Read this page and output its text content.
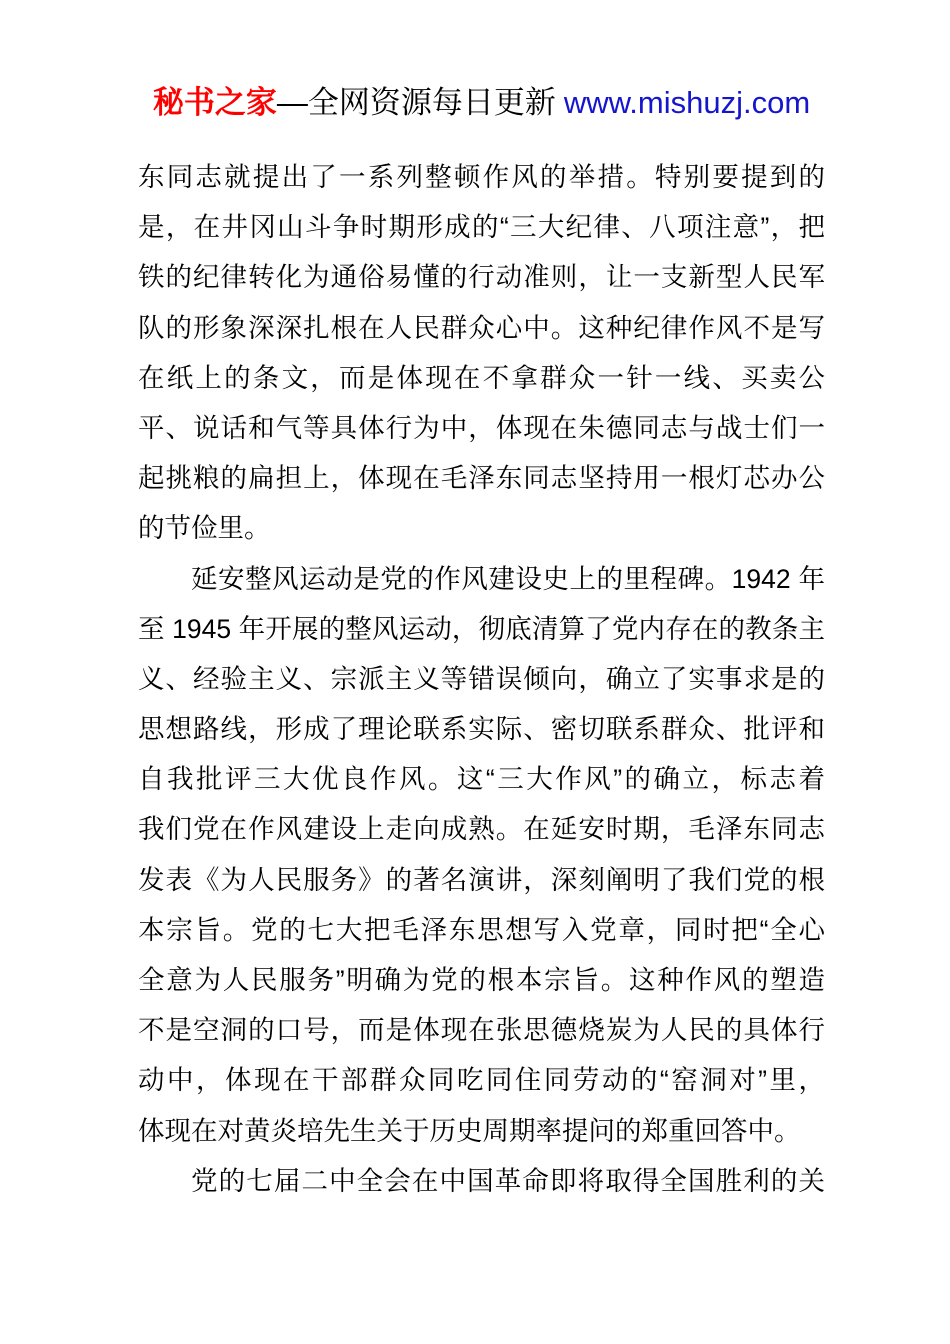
秘书之家—全网资源每日更新 www.mishuzj.com
东同志就提出了一系列整顿作风的举措。特别要提到的
是，在井冈山斗争时期形成的“三大纪律、八项注意”，把
铁的纪律转化为通俗易懂的行动准则，让一支新型人民军
队的形象深深扎根在人民群众心中。这种纪律作风不是写
在纸上的条文，而是体现在不拿群众一针一线、买卖公
平、说话和气等具体行为中，体现在朱德同志与战士们一
起挑粮的扁担上，体现在毛泽东同志坚持用一根灯芯办公
的节俭里。
延安整风运动是党的作风建设史上的里程碑。1942 年
至 1945 年开展的整风运动，彻底清算了党内存在的教条主
义、经验主义、宗派主义等错误倾向，确立了实事求是的
思想路线，形成了理论联系实际、密切联系群众、批评和
自我批评三大优良作风。这“三大作风”的确立，标志着
我们党在作风建设上走向成熟。在延安时期，毛泽东同志
发表《为人民服务》的著名演讲，深刻阐明了我们党的根
本宗旨。党的七大把毛泽东思想写入党章，同时把“全心
全意为人民服务”明确为党的根本宗旨。这种作风的塑造
不是空洞的口号，而是体现在张思德烧炭为人民的具体行
动中，体现在干部群众同吃同住同劳动的“窑洞对”里，
体现在对黄炎培先生关于历史周期率提问的郑重回答中。
党的七届二中全会在中国革命即将取得全国胜利的关
